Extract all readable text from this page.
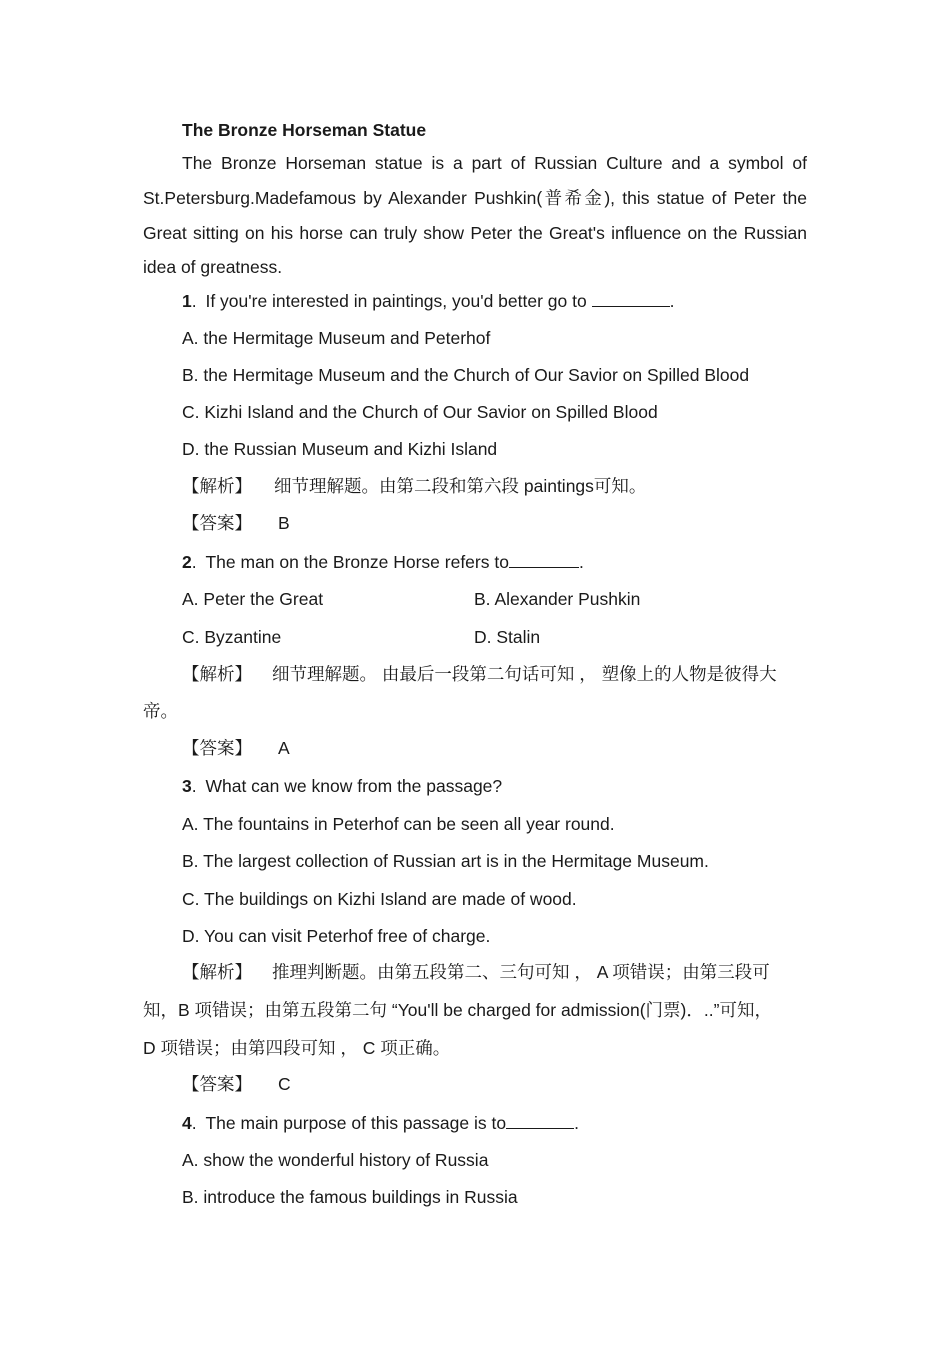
The Bronze Horseman Statue
The Bronze Horseman statue is a part of Russian Culture and a symbol of
St.Petersburg.Madefamous by Alexander Pushkin(普希金), this statue of Peter the
Great sitting on his horse can truly show Peter the Great's influence on the Russian
idea of greatness.
1. If you're interested in paintings, you'd better go to	.
A. the Hermitage Museum and Peterhof
B. the Hermitage Museum and the Church of Our Savior on Spilled Blood
C. Kizhi Island and the Church of Our Savior on Spilled Blood
D. the Russian Museum and Kizhi Island
【解析】 细节理解题。由第二段和第六段 paintings可知。
【答案】 B
2. The man on the Bronze Horse refers to	.
A. Peter the Great	B. Alexander Pushkin
C. Byzantine	D. Stalin
【解析】 细节理解题。 由最后一段第二句话可知 ， 塑像上的人物是彼得大
帝。
【答案】 A
3. What can we know from the passage?
A. The fountains in Peterhof can be seen all year round.
B. The largest collection of Russian art is in the Hermitage Museum.
C. The buildings on Kizhi Island are made of wood.
D. You can visit Peterhof free of charge.
【解析】 推理判断题。由第五段第二、三句可知 ， A 项错误；由第三段可
知，B 项错误；由第五段第二句 “You'll be charged for admission(门票)．..”可知，
D 项错误；由第四段可知 ， C 项正确。
【答案】 C
4. The main purpose of this passage is to	.
A. show the wonderful history of Russia
B. introduce the famous buildings in Russia
